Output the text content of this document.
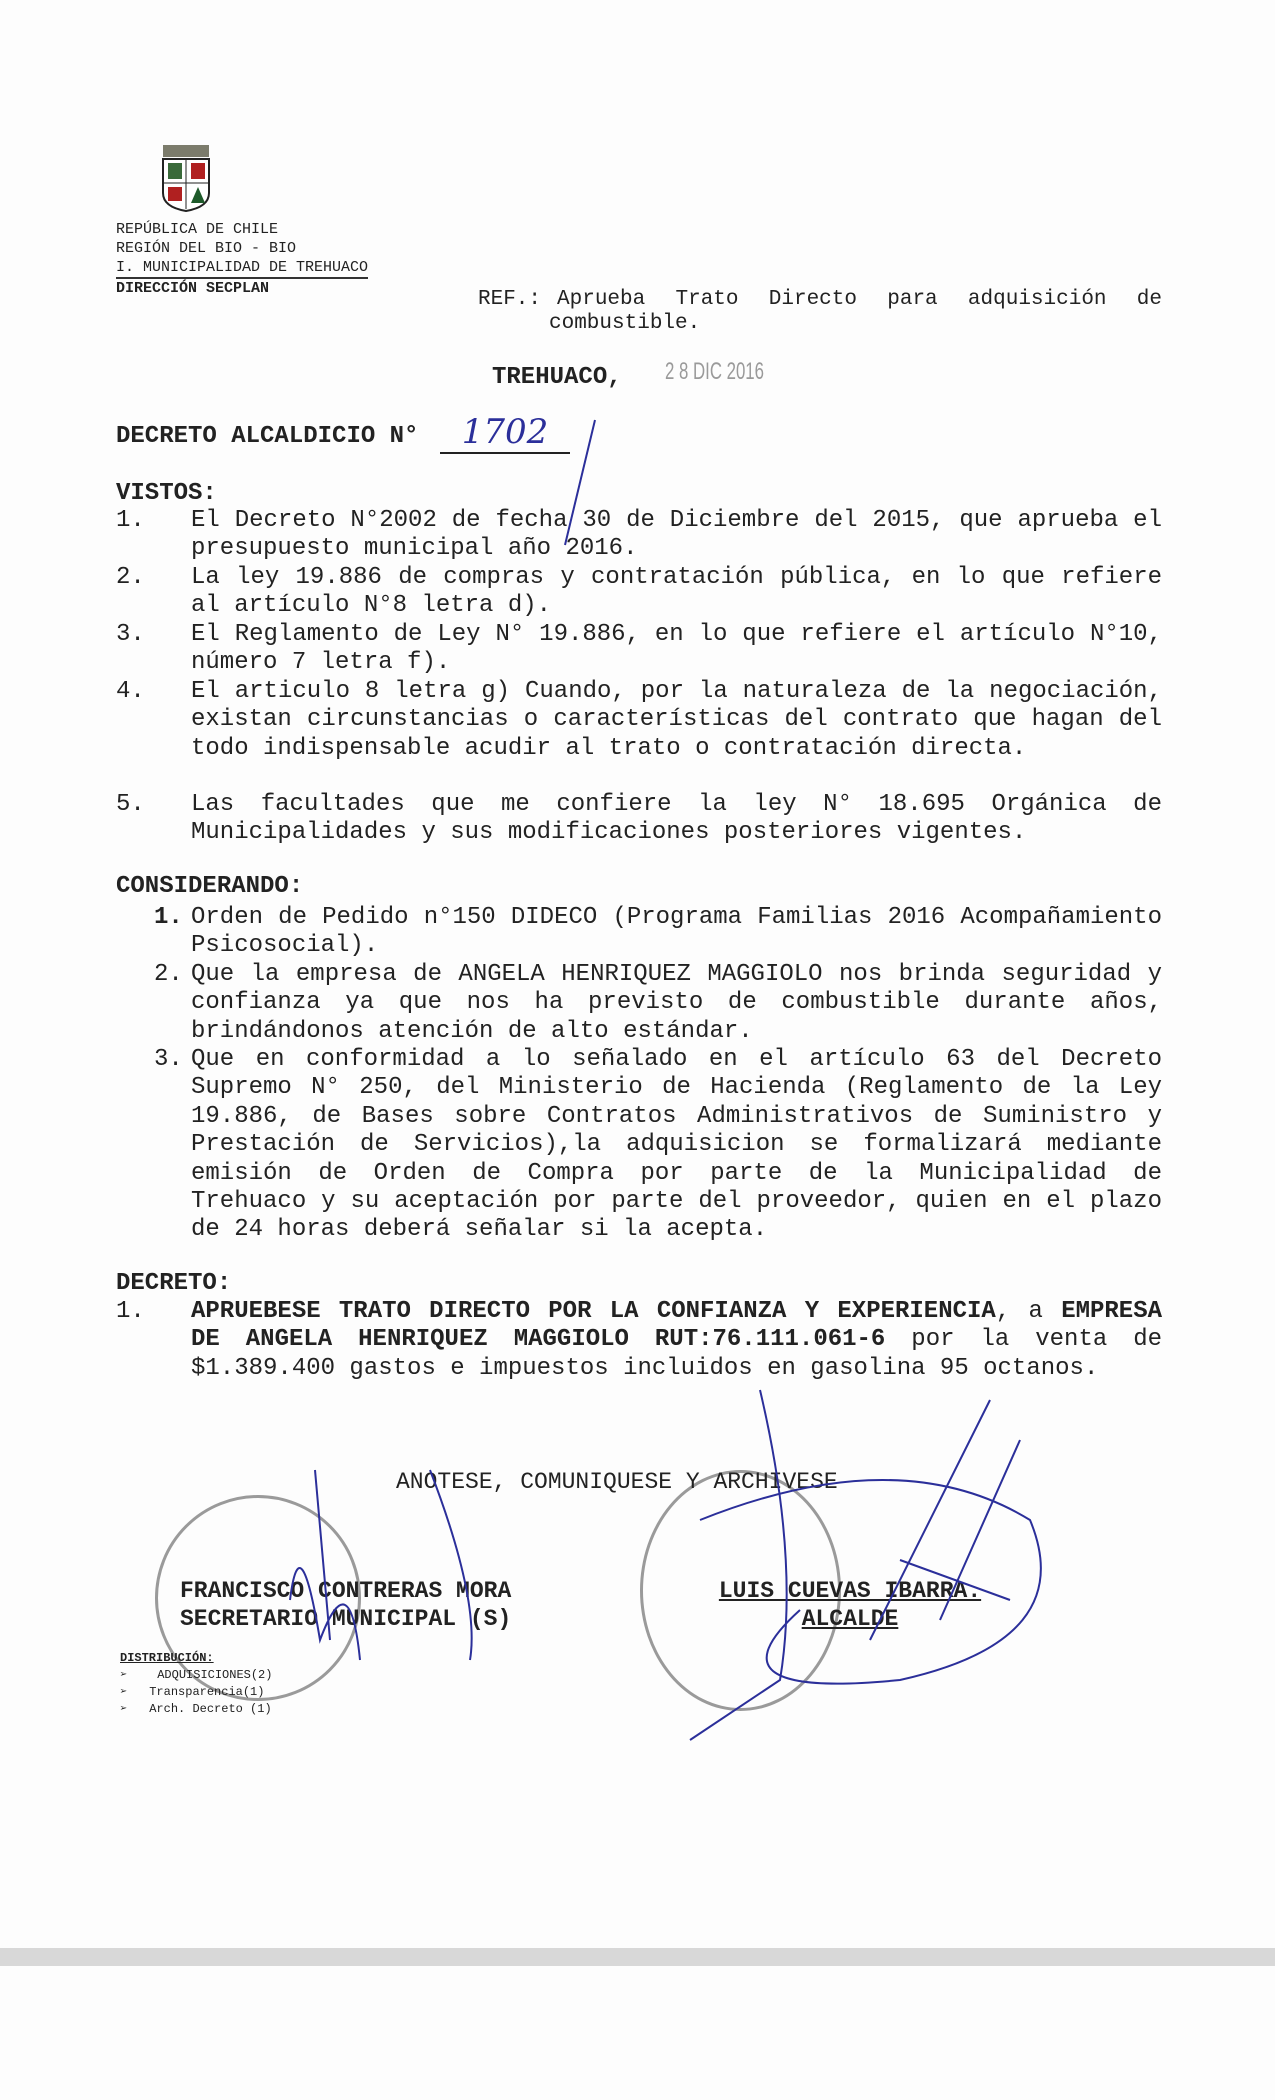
REPÚBLICA DE CHILE
REGIÓN DEL BIO - BIO
I. MUNICIPALIDAD DE TREHUACO
DIRECCIÓN SECPLAN	REF.: Aprueba Trato Directo para adquisición de
combustible.
TREHUACO, 2 8 DIC 2016
DECRETO ALCALDICIO N°	1702
VISTOS:
1. El Decreto N°2002 de fecha 30 de Diciembre del 2015, que aprueba el presupuesto municipal año 2016.
2. La ley 19.886 de compras y contratación pública, en lo que refiere al artículo N°8 letra d).
3. El Reglamento de Ley N° 19.886, en lo que refiere el artículo N°10, número 7 letra f).
4. El articulo 8 letra g) Cuando, por la naturaleza de la negociación, existan circunstancias o características del contrato que hagan del todo indispensable acudir al trato o contratación directa.
5. Las facultades que me confiere la ley N° 18.695 Orgánica de Municipalidades y sus modificaciones posteriores vigentes.
CONSIDERANDO:
1. Orden de Pedido n°150 DIDECO (Programa Familias 2016 Acompañamiento Psicosocial).
2. Que la empresa de ANGELA HENRIQUEZ MAGGIOLO nos brinda seguridad y confianza ya que nos ha previsto de combustible durante años, brindándonos atención de alto estándar.
3. Que en conformidad a lo señalado en el artículo 63 del Decreto Supremo N° 250, del Ministerio de Hacienda (Reglamento de la Ley 19.886, de Bases sobre Contratos Administrativos de Suministro y Prestación de Servicios),la adquisicion se formalizará mediante emisión de Orden de Compra por parte de la Municipalidad de Trehuaco y su aceptación por parte del proveedor, quien en el plazo de 24 horas deberá señalar si la acepta.
DECRETO:
1. APRUEBESE TRATO DIRECTO POR LA CONFIANZA Y EXPERIENCIA, a EMPRESA DE ANGELA HENRIQUEZ MAGGIOLO RUT:76.111.061-6 por la venta de $1.389.400 gastos e impuestos incluidos en gasolina 95 octanos.
ANOTESE, COMUNIQUESE Y ARCHIVESE
FRANCISCO CONTRERAS MORA
SECRETARIO MUNICIPAL (S)
LUIS CUEVAS IBARRA.
ALCALDE
DISTRIBUCIÓN:
➢	ADQUISICIONES(2)
➢ Transparencia(1)
➢ Arch. Decreto (1)
